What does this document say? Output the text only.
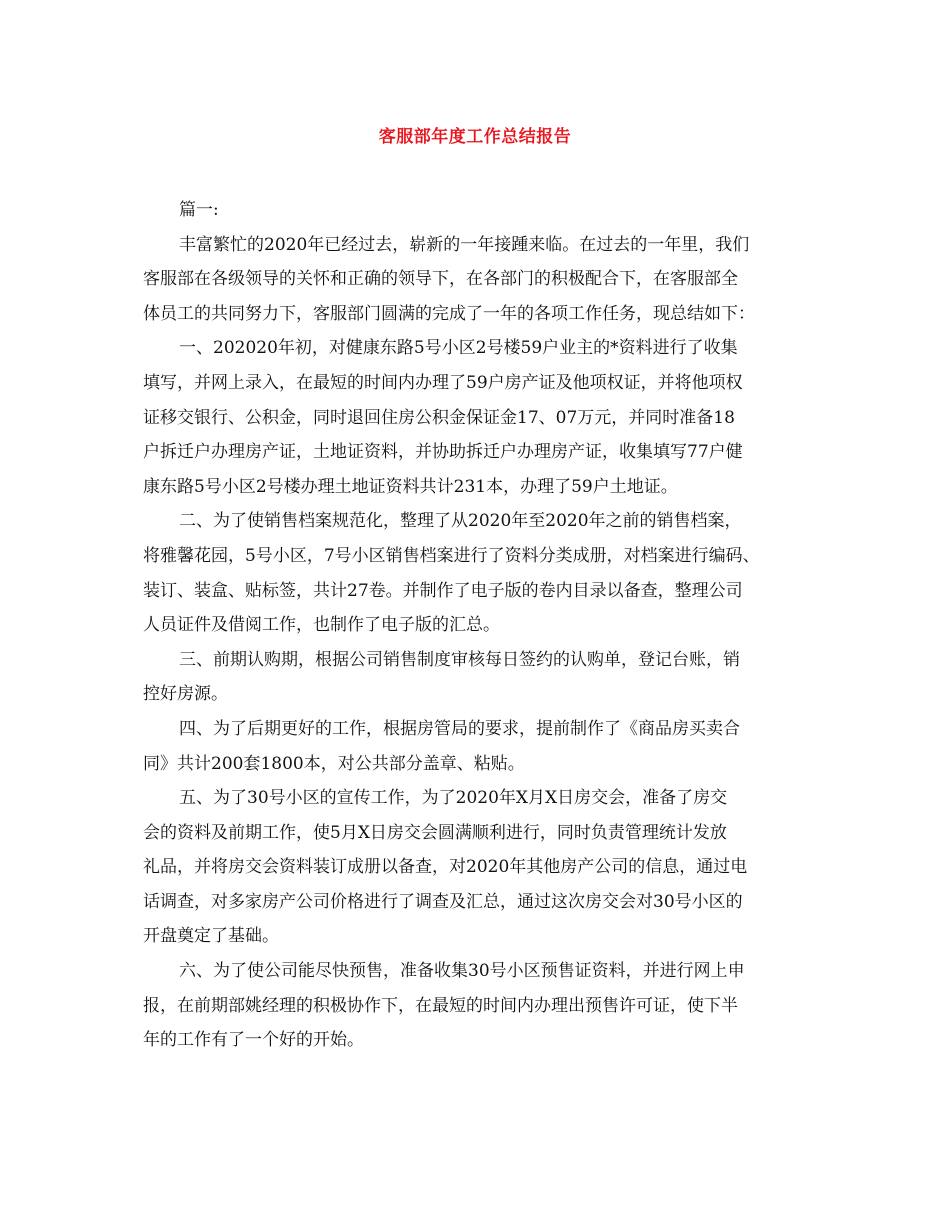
客服部年度工作总结报告

篇一:

丰富繁忙的2020年已经过去，崭新的一年接踵来临。在过去的一年里，我们
客服部在各级领导的关怀和正确的领导下，在各部门的积极配合下，在客服部全
体员工的共同努力下，客服部门圆满的完成了一年的各项工作任务，现总结如下：

一、202020年初，对健康东路5号小区2号楼59户业主的*资料进行了收集
填写，并网上录入，在最短的时间内办理了59户房产证及他项权证，并将他项权
证移交银行、公积金，同时退回住房公积金保证金17、07万元，并同时准备18
户拆迁户办理房产证，土地证资料，并协助拆迁户办理房产证，收集填写77户健
康东路5号小区2号楼办理土地证资料共计231本，办理了59户土地证。

二、为了使销售档案规范化，整理了从2020年至2020年之前的销售档案，
将雅馨花园，5号小区，7号小区销售档案进行了资料分类成册，对档案进行编码、
装订、装盒、贴标签，共计27卷。并制作了电子版的卷内目录以备查，整理公司
人员证件及借阅工作，也制作了电子版的汇总。

三、前期认购期，根据公司销售制度审核每日签约的认购单，登记台账，销
控好房源。

四、为了后期更好的工作，根据房管局的要求，提前制作了《商品房买卖合
同》共计200套1800本，对公共部分盖章、粘贴。

五、为了30号小区的宣传工作，为了2020年X月X日房交会，准备了房交
会的资料及前期工作，使5月X日房交会圆满顺利进行，同时负责管理统计发放
礼品，并将房交会资料装订成册以备查，对2020年其他房产公司的信息，通过电
话调查，对多家房产公司价格进行了调查及汇总，通过这次房交会对30号小区的
开盘奠定了基础。

六、为了使公司能尽快预售，准备收集30号小区预售证资料，并进行网上申
报，在前期部姚经理的积极协作下，在最短的时间内办理出预售许可证，使下半
年的工作有了一个好的开始。
